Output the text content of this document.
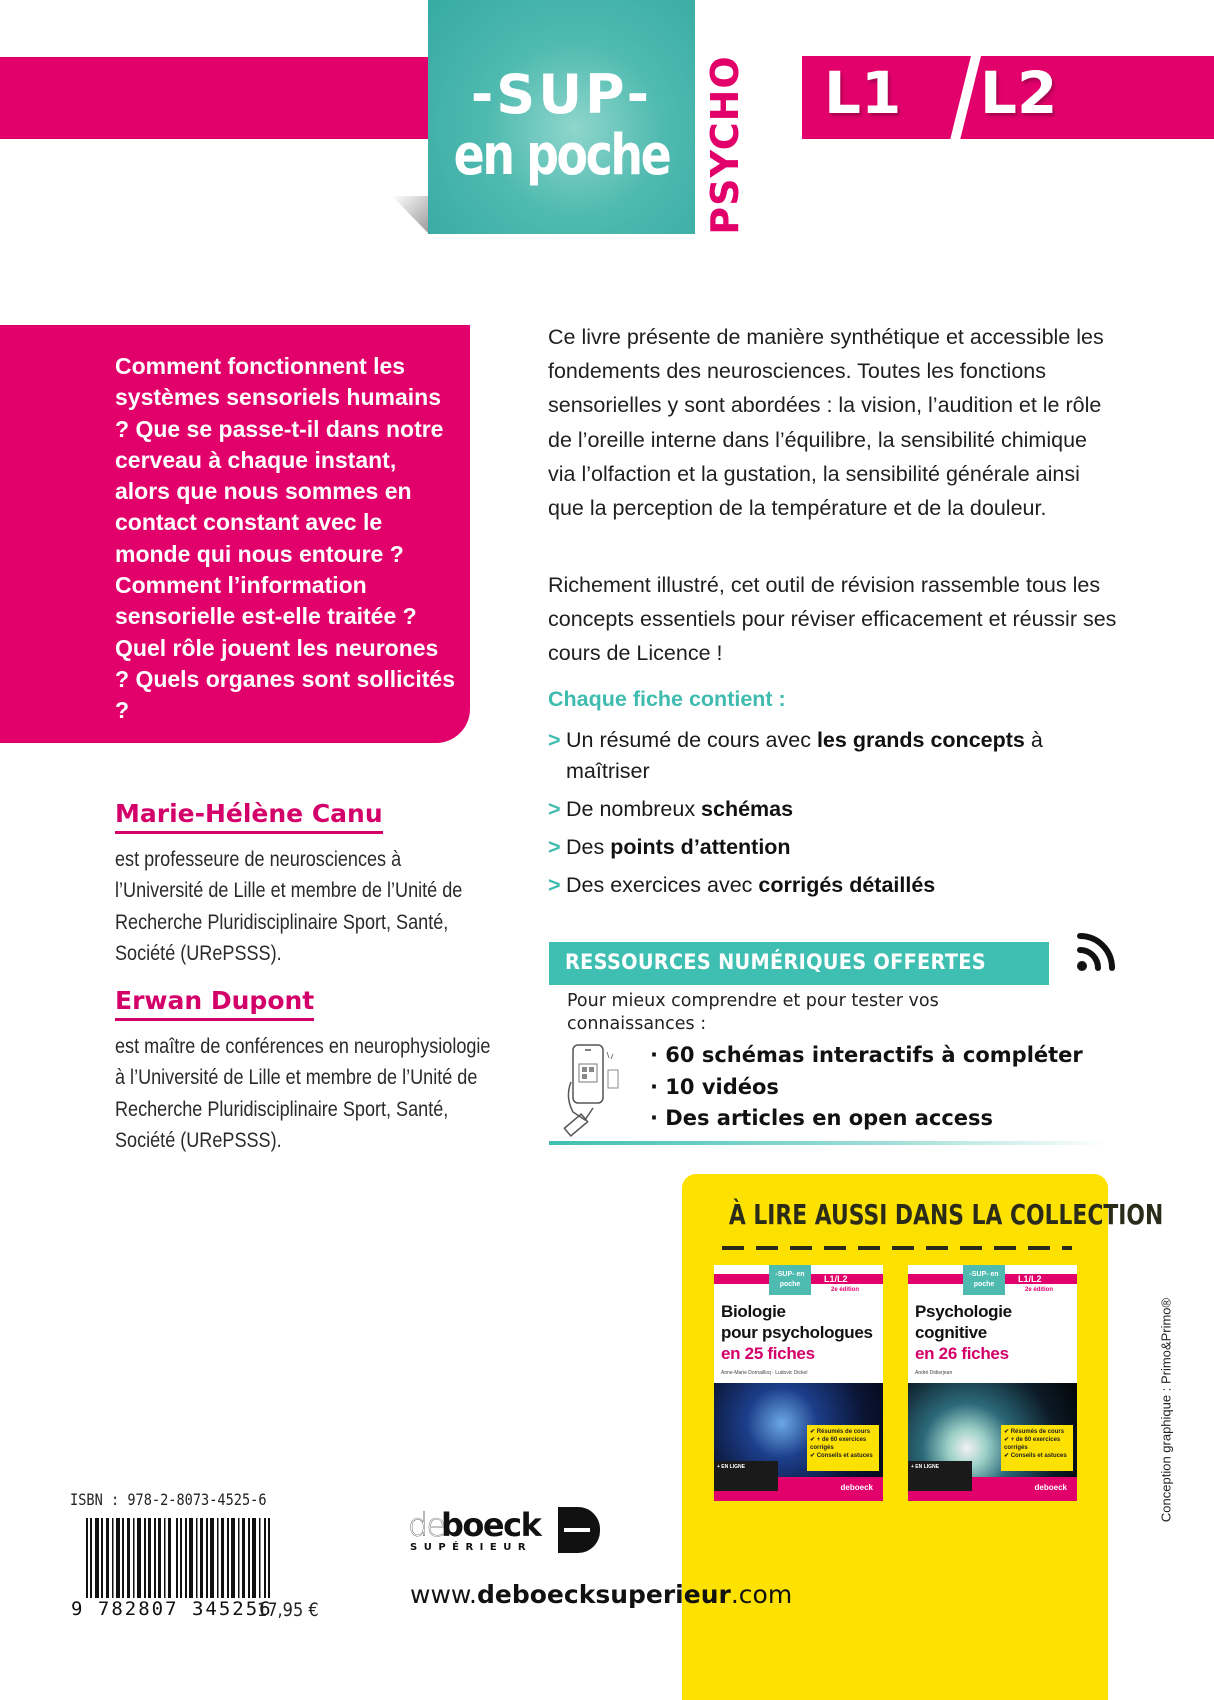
-SUP-
en poche PSYCHO L1 L2

Comment fonctionnent les systèmes sensoriels humains ? Que se passe-t-il dans notre cerveau à chaque instant, alors que nous sommes en contact constant avec le monde qui nous entoure ? Comment l’information sensorielle est-elle traitée ? Quel rôle jouent les neurones ? Quels organes sont sollicités ?

Marie-Hélène Canu
est professeure de neurosciences à l’Université de Lille et membre de l’Unité de Recherche Pluridisciplinaire Sport, Santé, Société (URePSSS).
Erwan Dupont
est maître de conférences en neurophysiologie à l’Université de Lille et membre de l’Unité de Recherche Pluridisciplinaire Sport, Santé, Société (URePSSS).

Ce livre présente de manière synthétique et accessible les fondements des neurosciences. Toutes les fonctions sensorielles y sont abordées : la vision, l’audition et le rôle de l’oreille interne dans l’équilibre, la sensibilité chimique via l’olfaction et la gustation, la sensibilité générale ainsi que la perception de la température et de la douleur.

Richement illustré, cet outil de révision rassemble tous les concepts essentiels pour réviser efficacement et réussir ses cours de Licence !

Chaque fiche contient :
> Un résumé de cours avec les grands concepts à maîtriser
> De nombreux schémas
> Des points d’attention
> Des exercices avec corrigés détaillés
RESSOURCES NUMÉRIQUES OFFERTES
Pour mieux comprendre et pour tester vos connaissances :
· 60 schémas interactifs à compléter
· 10 vidéos
· Des articles en open access
À LIRE AUSSI DANS LA COLLECTION
-SUP- en poche
L1/L2
2e édition
Biologie
pour psychologues
en 25 fiches
Anne-Marie Dornailloq · Ludovic Dickel
✔ Résumés de cours
✔ + de 60 exercices corrigés
✔ Conseils et astuces
+ EN LIGNE
deboeck
-SUP- en poche
L1/L2
2e édition
Psychologie
cognitive
en 26 fiches
André Didierjean
✔ Résumés de cours
✔ + de 60 exercices corrigés
✔ Conseils et astuces
+ EN LIGNE
deboeck
ISBN : 978-2-8073-4525-6
9 782807 345256
17,95 €
de
boeck
SUPÉRIEUR
www.deboecksuperieur.com
Conception graphique : Primo&Primo®
